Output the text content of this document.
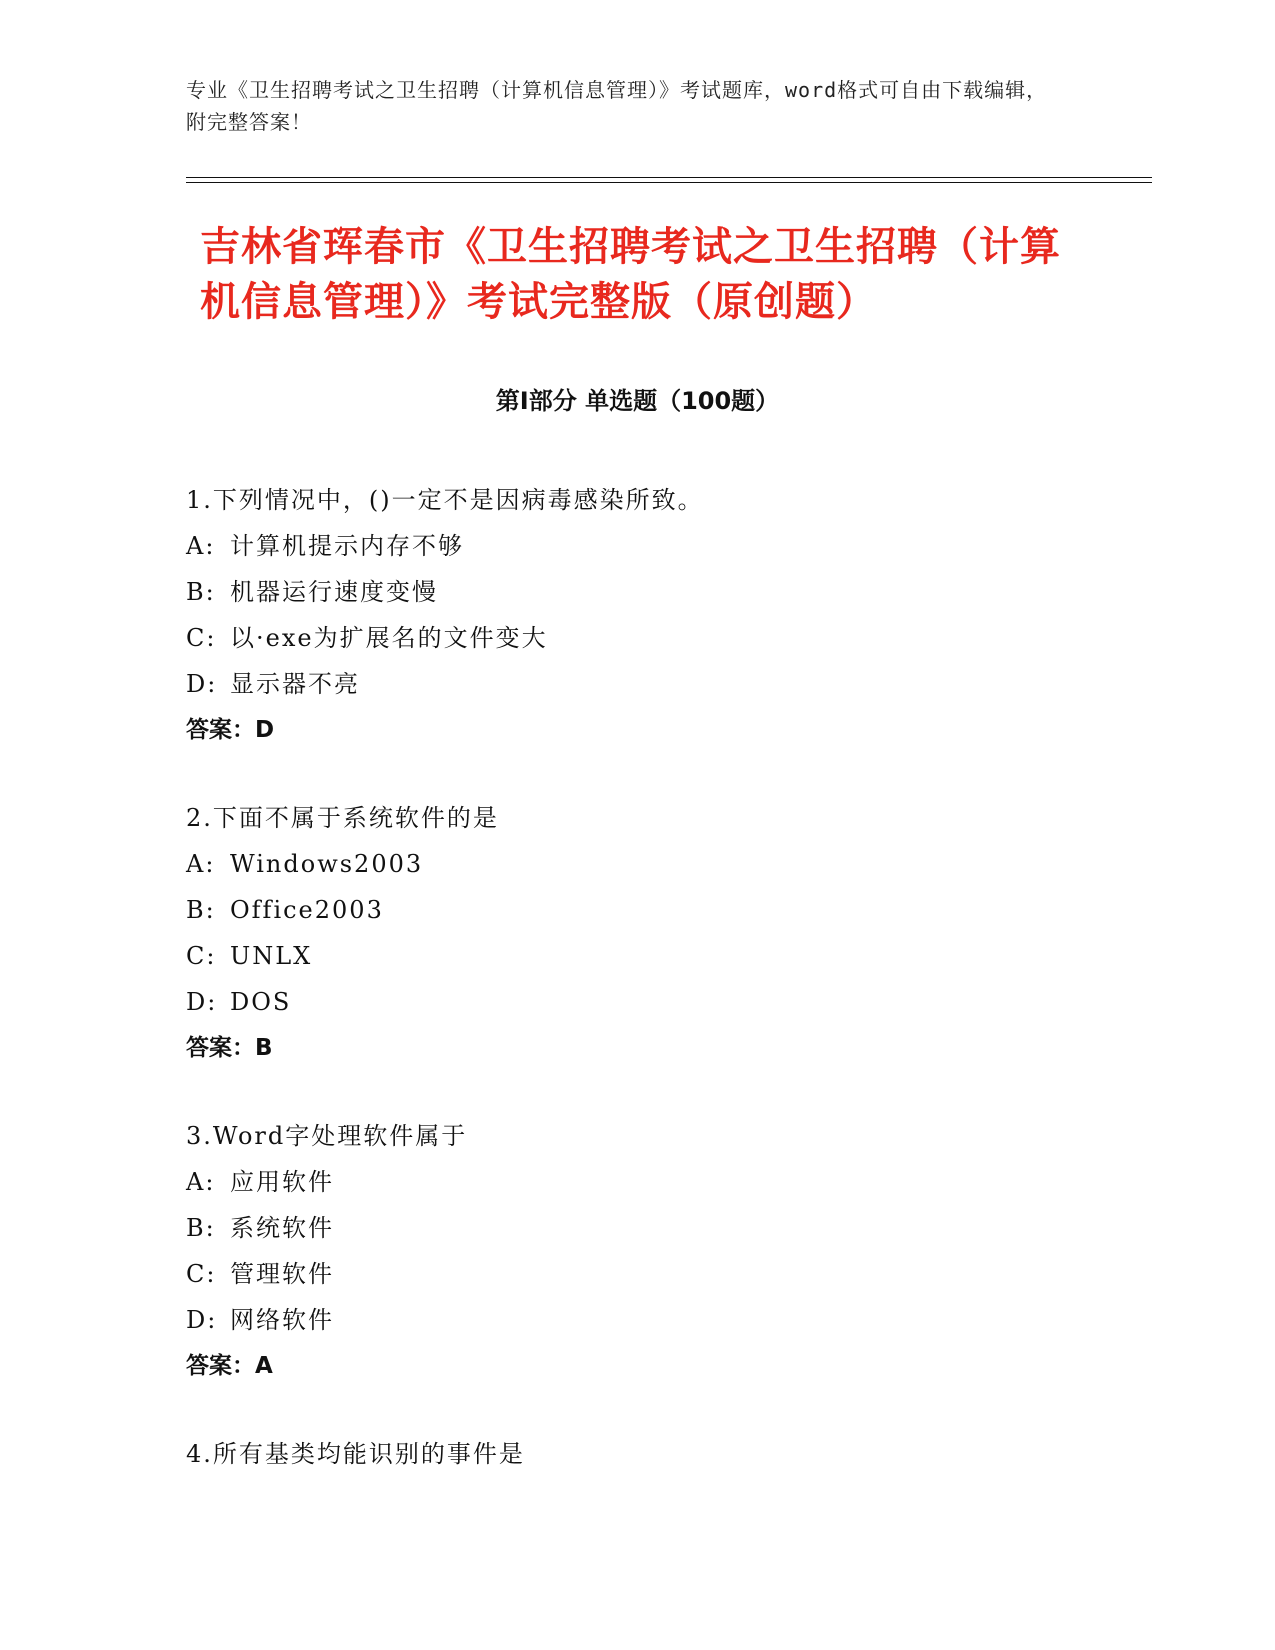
专业《卫生招聘考试之卫生招聘（计算机信息管理）》考试题库，word格式可自由下载编辑，附完整答案！
吉林省珲春市《卫生招聘考试之卫生招聘（计算机信息管理）》考试完整版（原创题）
第Ⅰ部分 单选题（100题）
1.下列情况中，()一定不是因病毒感染所致。
A: 计算机提示内存不够
B: 机器运行速度变慢
C: 以·exe为扩展名的文件变大
D: 显示器不亮
答案：D
2.下面不属于系统软件的是
A: Windows2003
B: Office2003
C: UNLX
D: DOS
答案：B
3.Word字处理软件属于
A: 应用软件
B: 系统软件
C: 管理软件
D: 网络软件
答案：A
4.所有基类均能识别的事件是
